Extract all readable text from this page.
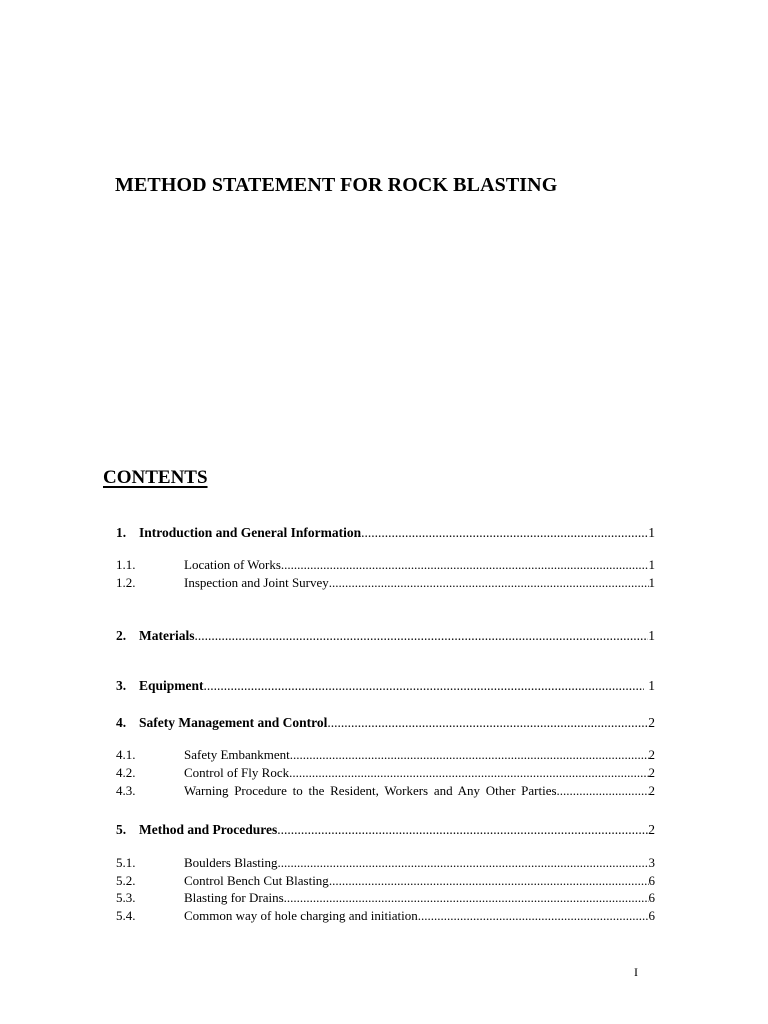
METHOD STATEMENT FOR ROCK BLASTING
CONTENTS
1. Introduction and General Information .....	1
1.1.	Location of Works .....	1
1.2.	Inspection and Joint Survey .....	1
2. Materials .....	1
3. Equipment .....	1
4. Safety Management and Control .....	2
4.1.	Safety Embankment .....	2
4.2.	Control of Fly Rock .....	2
4.3.	Warning Procedure to the Resident, Workers and Any Other Parties .....	2
5. Method and Procedures .....	2
5.1.	Boulders Blasting .....	3
5.2.	Control Bench Cut Blasting .....	6
5.3.	Blasting for Drains .....	6
5.4.	Common way of hole charging and initiation .....	6
I
